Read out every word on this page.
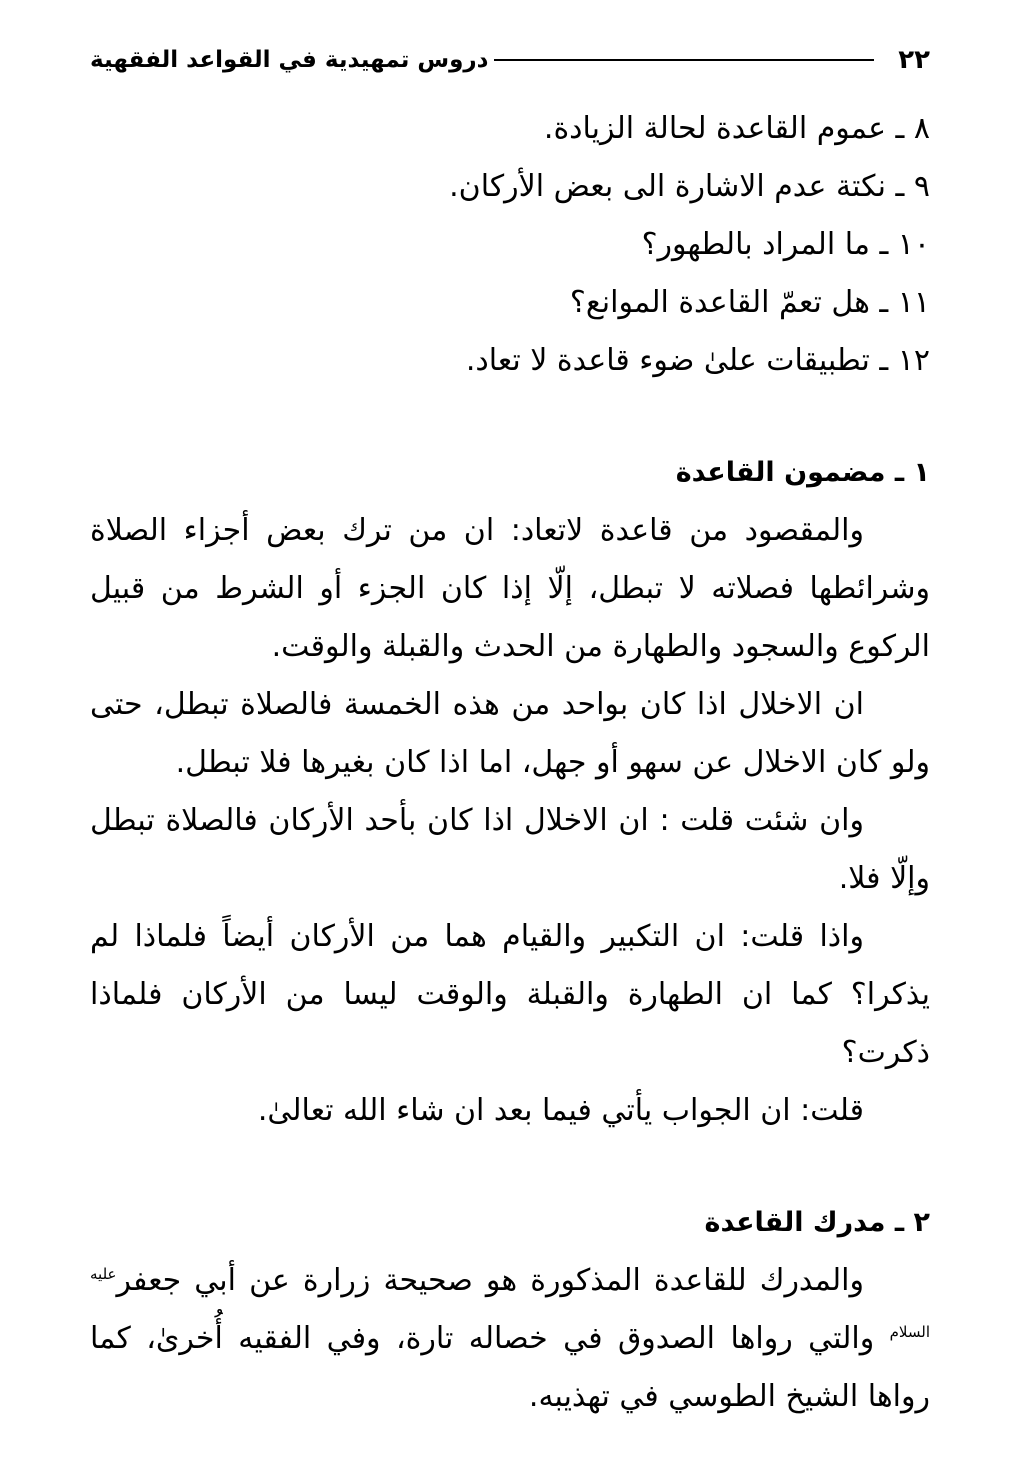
٢٢
دروس تمهيدية في القواعد الفقهية

٨ ـ عموم القاعدة لحالة الزيادة.

٩ ـ نكتة عدم الاشارة الى بعض الأركان.

١٠ ـ ما المراد بالطهور؟

١١ ـ هل تعمّ القاعدة الموانع؟

١٢ ـ تطبيقات علىٰ ضوء قاعدة لا تعاد.

١ ـ مضمون القاعدة

والمقصود من قاعدة لاتعاد: ان من ترك بعض أجزاء الصلاة وشرائطها فصلاته لا تبطل، إلّا إذا كان الجزء أو الشرط من قبيل الركوع والسجود والطهارة من الحدث والقبلة والوقت.

ان الاخلال اذا كان بواحد من هذه الخمسة فالصلاة تبطل، حتى ولو كان الاخلال عن سهو أو جهل، اما اذا كان بغيرها فلا تبطل.

وان شئت قلت : ان الاخلال اذا كان بأحد الأركان فالصلاة تبطل وإلّا فلا.

واذا قلت: ان التكبير والقيام هما من الأركان أيضاً فلماذا لم يذكرا؟ كما ان الطهارة والقبلة والوقت ليسا من الأركان فلماذا ذكرت؟

قلت: ان الجواب يأتي فيما بعد ان شاء الله تعالىٰ.

٢ ـ مدرك القاعدة

والمدرك للقاعدة المذكورة هو صحيحة زرارة عن أبي جعفر$^{عليه السلام}$ والتي رواها الصدوق في خصاله تارة، وفي الفقيه أُخرىٰ، كما رواها الشيخ الطوسي في تهذيبه.
